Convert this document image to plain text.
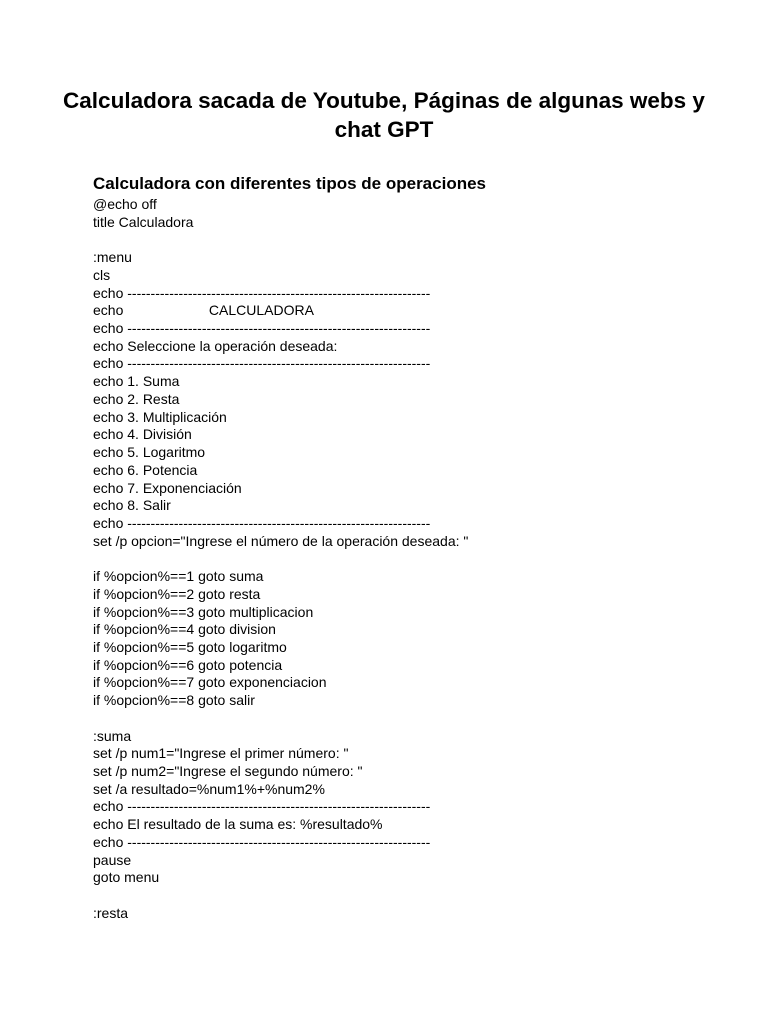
Calculadora sacada de Youtube, Páginas de algunas webs y chat GPT
Calculadora con diferentes tipos de operaciones
@echo off
title Calculadora
:menu
cls
echo -----------------------------------------------------------------
echo                      CALCULADORA
echo -----------------------------------------------------------------
echo Seleccione la operación deseada:
echo -----------------------------------------------------------------
echo 1. Suma
echo 2. Resta
echo 3. Multiplicación
echo 4. División
echo 5. Logaritmo
echo 6. Potencia
echo 7. Exponenciación
echo 8. Salir
echo -----------------------------------------------------------------
set /p opcion="Ingrese el número de la operación deseada: "
if %opcion%==1 goto suma
if %opcion%==2 goto resta
if %opcion%==3 goto multiplicacion
if %opcion%==4 goto division
if %opcion%==5 goto logaritmo
if %opcion%==6 goto potencia
if %opcion%==7 goto exponenciacion
if %opcion%==8 goto salir
:suma
set /p num1="Ingrese el primer número: "
set /p num2="Ingrese el segundo número: "
set /a resultado=%num1%+%num2%
echo -----------------------------------------------------------------
echo El resultado de la suma es: %resultado%
echo -----------------------------------------------------------------
pause
goto menu
:resta
